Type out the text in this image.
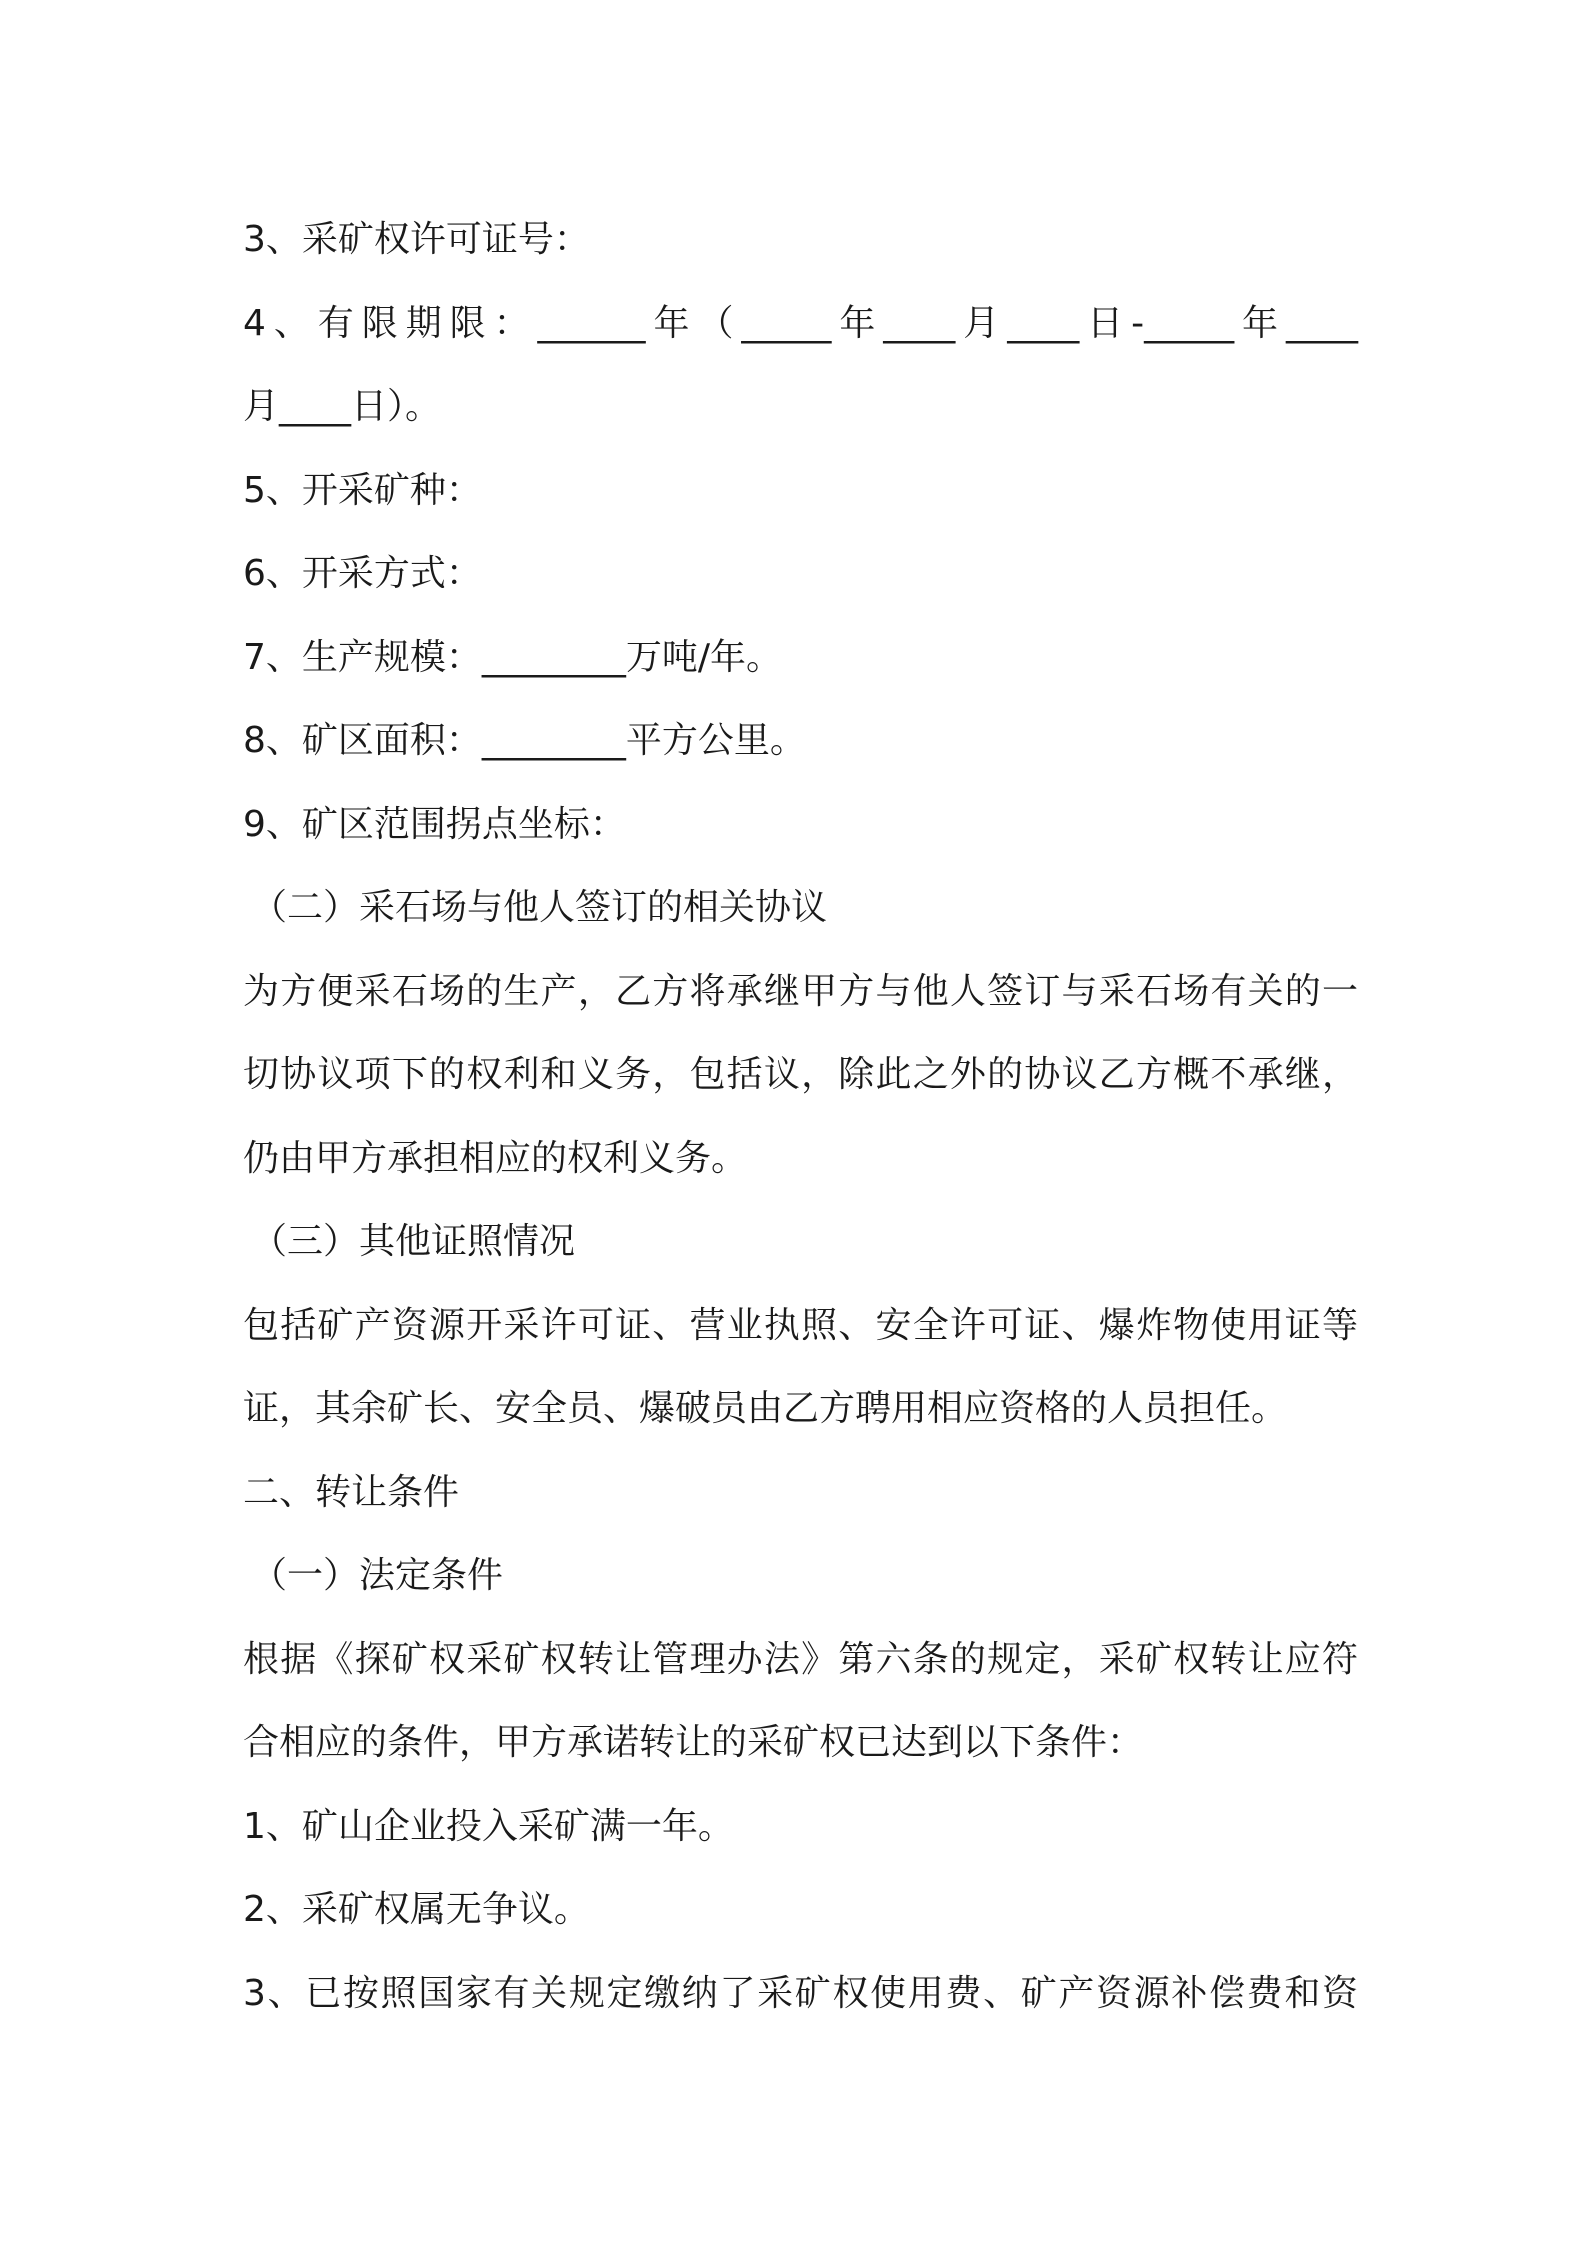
3、采矿权许可证号：

4、有限期限：______年（_____年____月____日-_____年____

月____日）。

5、开采矿种：

6、开采方式：

7、生产规模：________万吨/年。

8、矿区面积：________平方公里。

9、矿区范围拐点坐标：

（二）采石场与他人签订的相关协议

为方便采石场的生产，乙方将承继甲方与他人签订与采石场有关的一

切协议项下的权利和义务，包括议，除此之外的协议乙方概不承继，

仍由甲方承担相应的权利义务。

（三）其他证照情况

包括矿产资源开采许可证、营业执照、安全许可证、爆炸物使用证等

证，其余矿长、安全员、爆破员由乙方聘用相应资格的人员担任。

二、转让条件

（一）法定条件

根据《探矿权采矿权转让管理办法》第六条的规定，采矿权转让应符

合相应的条件，甲方承诺转让的采矿权已达到以下条件：

1、矿山企业投入采矿满一年。

2、采矿权属无争议。

3、已按照国家有关规定缴纳了采矿权使用费、矿产资源补偿费和资
